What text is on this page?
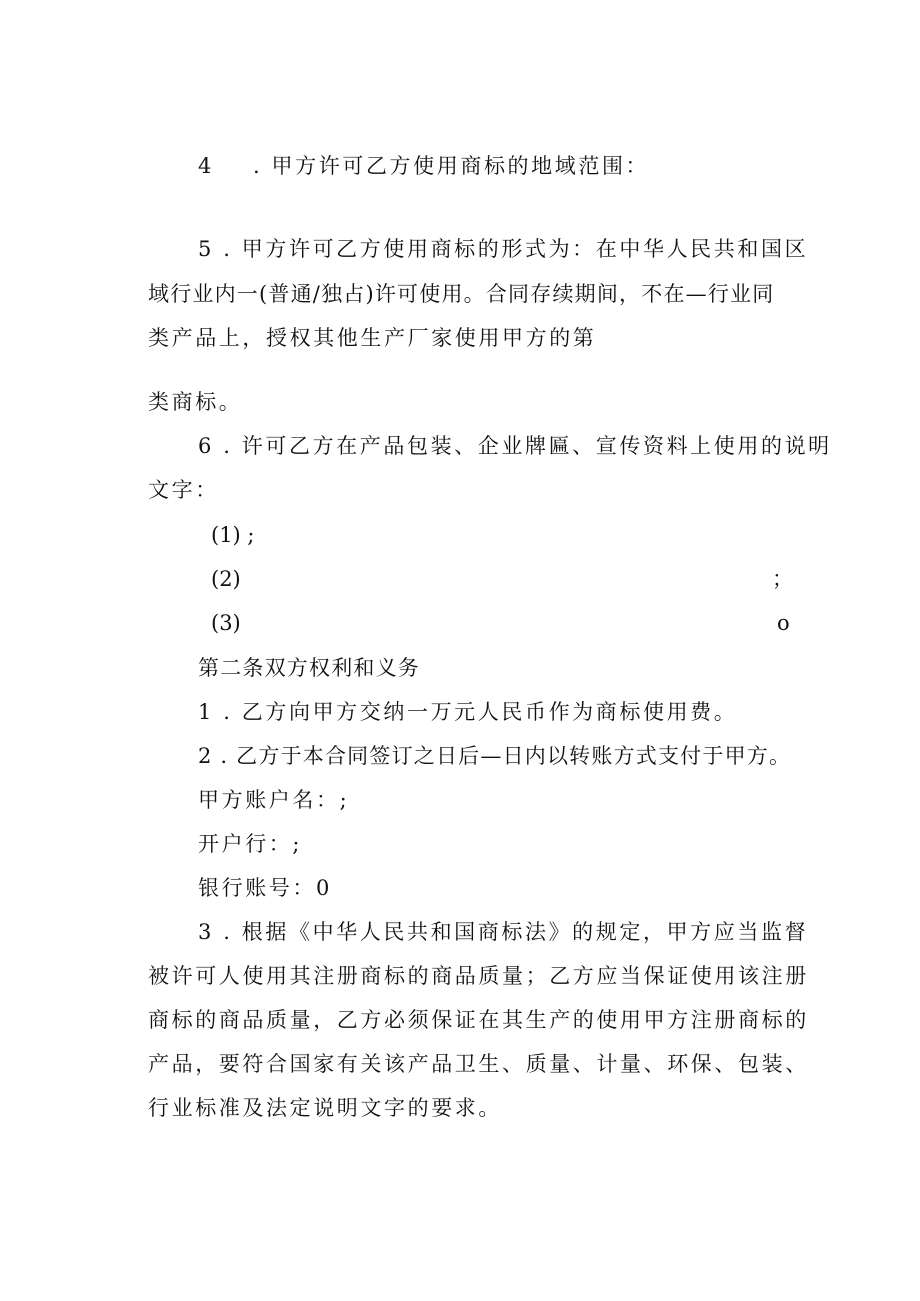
4 . 甲方许可乙方使用商标的地域范围：
5 . 甲方许可乙方使用商标的形式为：在中华人民共和国区
域行业内一(普通/独占)许可使用。合同存续期间，不在—行业同
类产品上，授权其他生产厂家使用甲方的第
类商标。
6 . 许可乙方在产品包装、企业牌匾、宣传资料上使用的说明
文字：
(1) ;
(2)	；
(3)	o
第二条双方权利和义务
1 . 乙方向甲方交纳一万元人民币作为商标使用费。
2 . 乙方于本合同签订之日后—日内以转账方式支付于甲方。
甲方账户名：;
开户行：;
银行账号：0
3 . 根据《中华人民共和国商标法》的规定，甲方应当监督
被许可人使用其注册商标的商品质量；乙方应当保证使用该注册
商标的商品质量，乙方必须保证在其生产的使用甲方注册商标的
产品，要符合国家有关该产品卫生、质量、计量、环保、包装、
行业标准及法定说明文字的要求。
